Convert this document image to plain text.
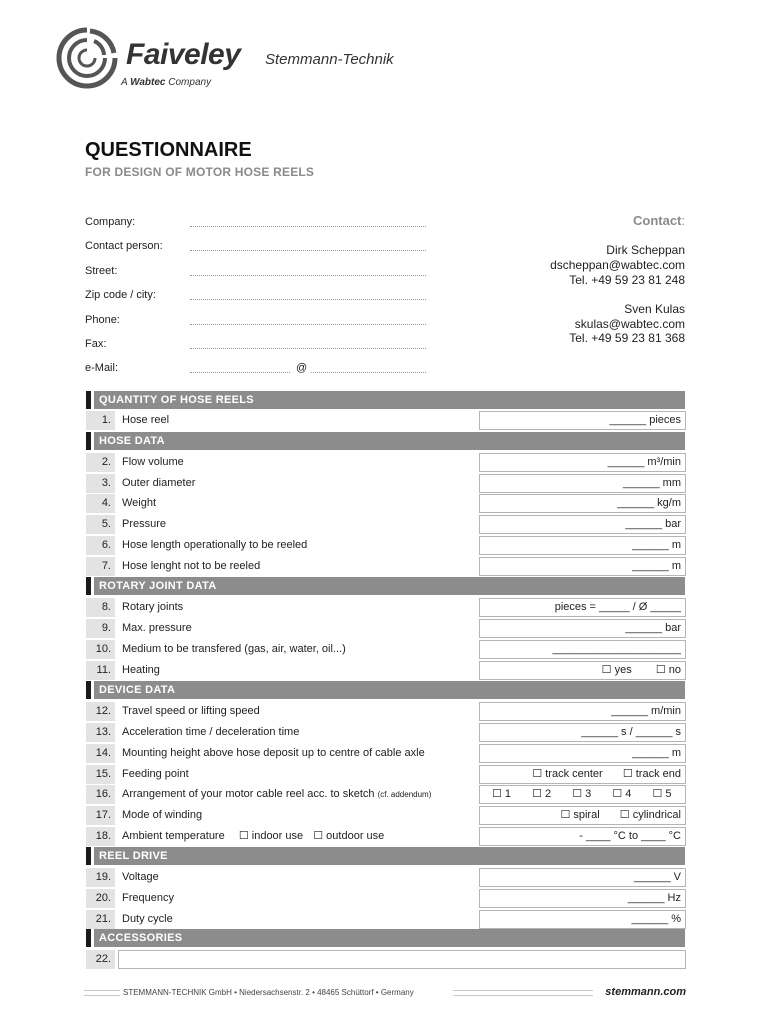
Faiveley Stemmann-Technik
A Wabtec Company
QUESTIONNAIRE
FOR DESIGN OF MOTOR HOSE REELS
Company:
Contact person:
Street:
Zip code / city:
Phone:
Fax:
e-Mail:	@
Contact:
Dirk Scheppan
dscheppan@wabtec.com
Tel. +49 59 23 81 248
Sven Kulas
skulas@wabtec.com
Tel. +49 59 23 81 368
QUANTITY OF HOSE REELS
1.	Hose reel	______ pieces
HOSE DATA
2.	Flow volume	______ m³/min
3.	Outer diameter	______ mm
4.	Weight	______ kg/m
5.	Pressure	______ bar
6.	Hose length operationally to be reeled	______ m
7.	Hose lenght not to be reeled	______ m
ROTARY JOINT DATA
8.	Rotary joints	pieces = _____ / Ø _____
9.	Max. pressure	______ bar
10.	Medium to be transfered (gas, air, water, oil...)	_____________________
11.	Heating	☐ yes ☐ no
DEVICE DATA
12.	Travel speed or lifting speed	______ m/min
13.	Acceleration time / deceleration time	______ s / ______ s
14.	Mounting height above hose deposit up to centre of cable axle	______ m
15.	Feeding point	☐ track center ☐ track end
16.	Arrangement of your motor cable reel acc. to sketch (cf. addendum)	☐ 1 ☐ 2 ☐ 3 ☐ 4 ☐ 5
17.	Mode of winding	☐ spiral ☐ cylindrical
18.	Ambient temperature ☐ indoor use ☐ outdoor use	- ____ °C to ____ °C
REEL DRIVE
19.	Voltage	______ V
20.	Frequency	______ Hz
21.	Duty cycle	______ %
ACCESSORIES
22.
STEMMANN-TECHNIK GmbH • Niedersachsenstr. 2 • 48465 Schüttorf • Germany	stemmann.com
